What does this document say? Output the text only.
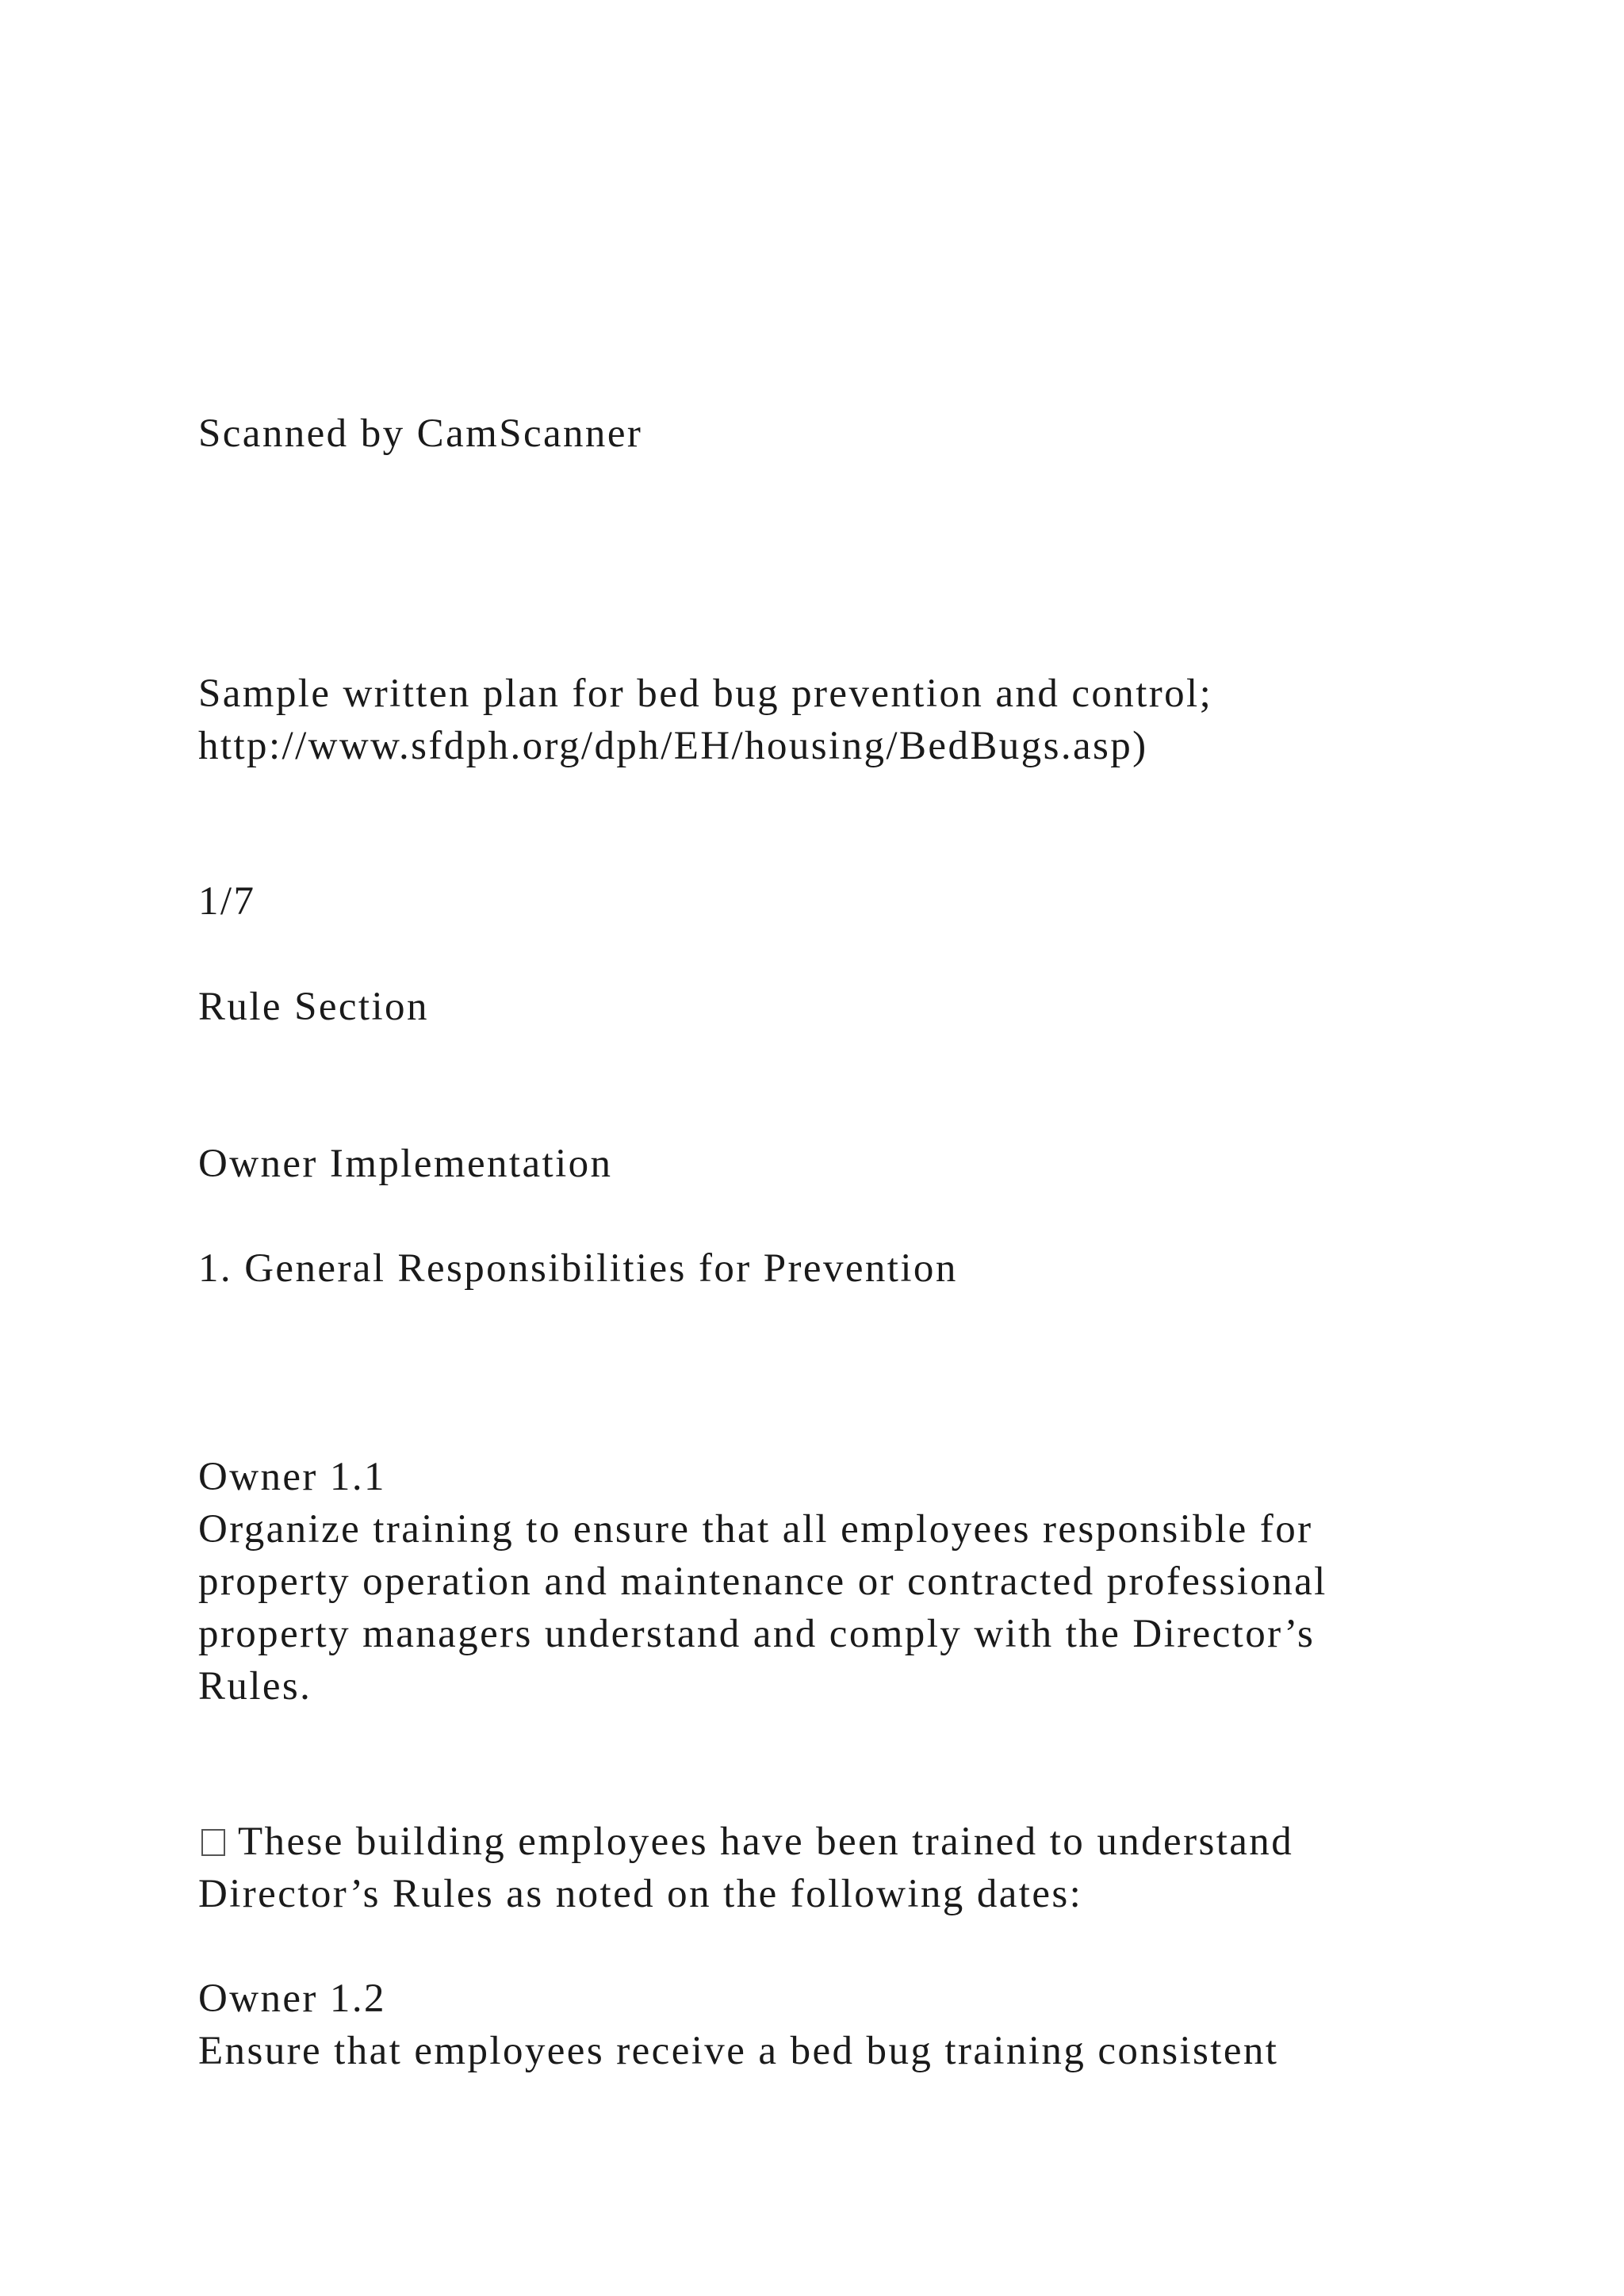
Scanned by CamScanner

Sample written plan for bed bug prevention and control;

http://www.sfdph.org/dph/EH/housing/BedBugs.asp)

1/7

Rule Section

Owner Implementation

1. General Responsibilities for Prevention

Owner 1.1

Organize training to ensure that all employees responsible for

property operation and maintenance or contracted professional

property managers understand and comply with the Director’s

Rules.

These building employees have been trained to understand

Director’s Rules as noted on the following dates:

Owner 1.2

Ensure that employees receive a bed bug training consistent
